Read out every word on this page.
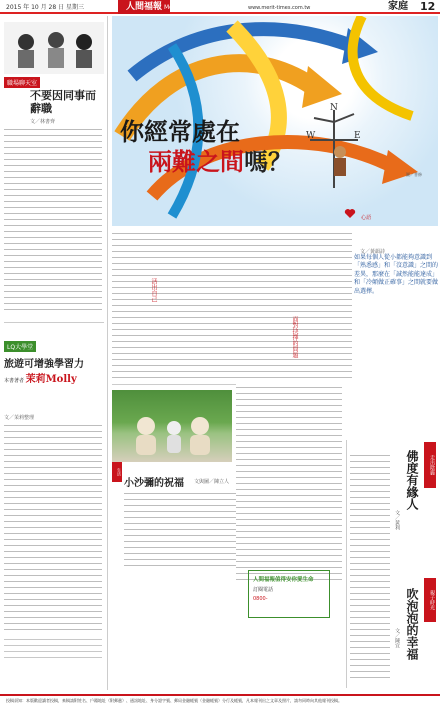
2015 年 10 月 28 日 星期三	人間福報 Merit Times	www.merit-times.com.tw	家庭 12
職場聊天室
不要因同事而辭職
文／林書齊
LQ大學堂
旅遊可增強學習力
本書著者 茉莉Molly
文／茉莉整理
W	E
N
你經常處在
兩難之間嗎？	圖／普修
心語
文／黃韻詩
如果每個人從小都能夠意識到「熟悉感」和「沒意識」之間的差異，那麼在「誠然能能達成」和「冷顛做正確事」之間就要做出選擇。
面對抉擇的問題
活出自己
生活
小沙彌的祝福 文與圖／陳立人
人間福報值得安你愛生命
訂閱電話
0800-
走出陰霾
佛度有緣人
文／黃利
親子時光
吹泡泡的幸福
文／陳宜
投稿須知：本版歡迎讀者投稿，來稿請附姓名、戶籍地址（附郵遞）、通訊地址、身分證字號、郵局金融帳號（金融帳號）分行及帳號，凡本報刊出之文章及照片，請勿同時向其他報刊投稿。
